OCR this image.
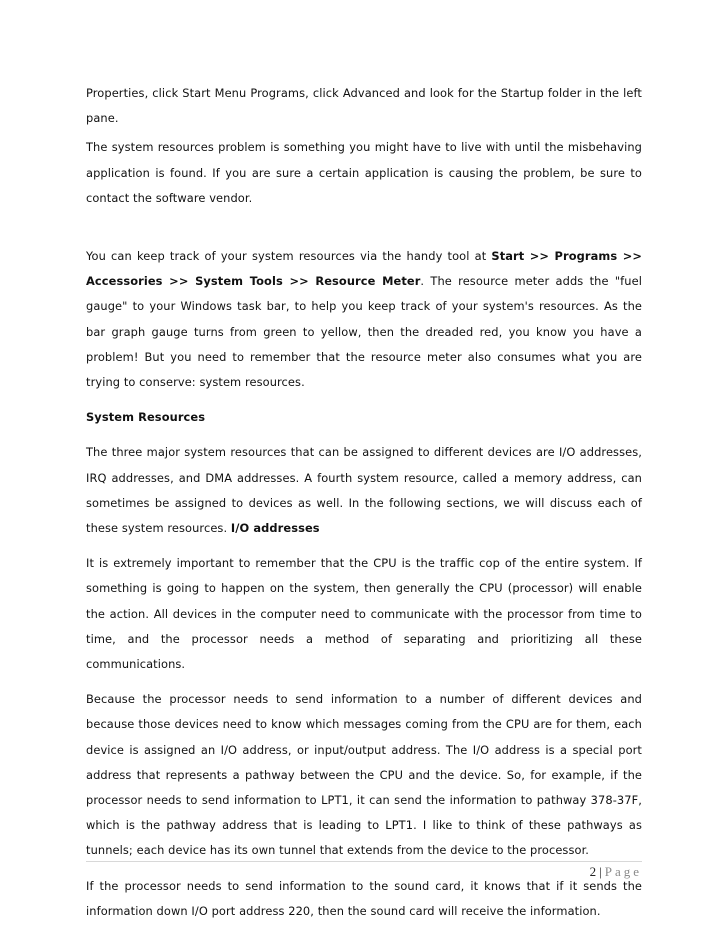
Properties, click Start Menu Programs, click Advanced and look for the Startup folder in the left pane.

The system resources problem is something you might have to live with until the misbehaving application is found. If you are sure a certain application is causing the problem, be sure to contact the software vendor.

You can keep track of your system resources via the handy tool at Start >> Programs >> Accessories >> System Tools >> Resource Meter. The resource meter adds the "fuel gauge" to your Windows task bar, to help you keep track of your system's resources. As the bar graph gauge turns from green to yellow, then the dreaded red, you know you have a problem! But you need to remember that the resource meter also consumes what you are trying to conserve: system resources.

System Resources

The three major system resources that can be assigned to different devices are I/O addresses, IRQ addresses, and DMA addresses. A fourth system resource, called a memory address, can sometimes be assigned to devices as well. In the following sections, we will discuss each of these system resources. I/O addresses

It is extremely important to remember that the CPU is the traffic cop of the entire system. If something is going to happen on the system, then generally the CPU (processor) will enable the action. All devices in the computer need to communicate with the processor from time to time, and the processor needs a method of separating and prioritizing all these communications.

Because the processor needs to send information to a number of different devices and because those devices need to know which messages coming from the CPU are for them, each device is assigned an I/O address, or input/output address. The I/O address is a special port address that represents a pathway between the CPU and the device. So, for example, if the processor needs to send information to LPT1, it can send the information to pathway 378-37F, which is the pathway address that is leading to LPT1. I like to think of these pathways as tunnels; each device has its own tunnel that extends from the device to the processor.

If the processor needs to send information to the sound card, it knows that if it sends the information down I/O port address 220, then the sound card will receive the information.

2 | Page
